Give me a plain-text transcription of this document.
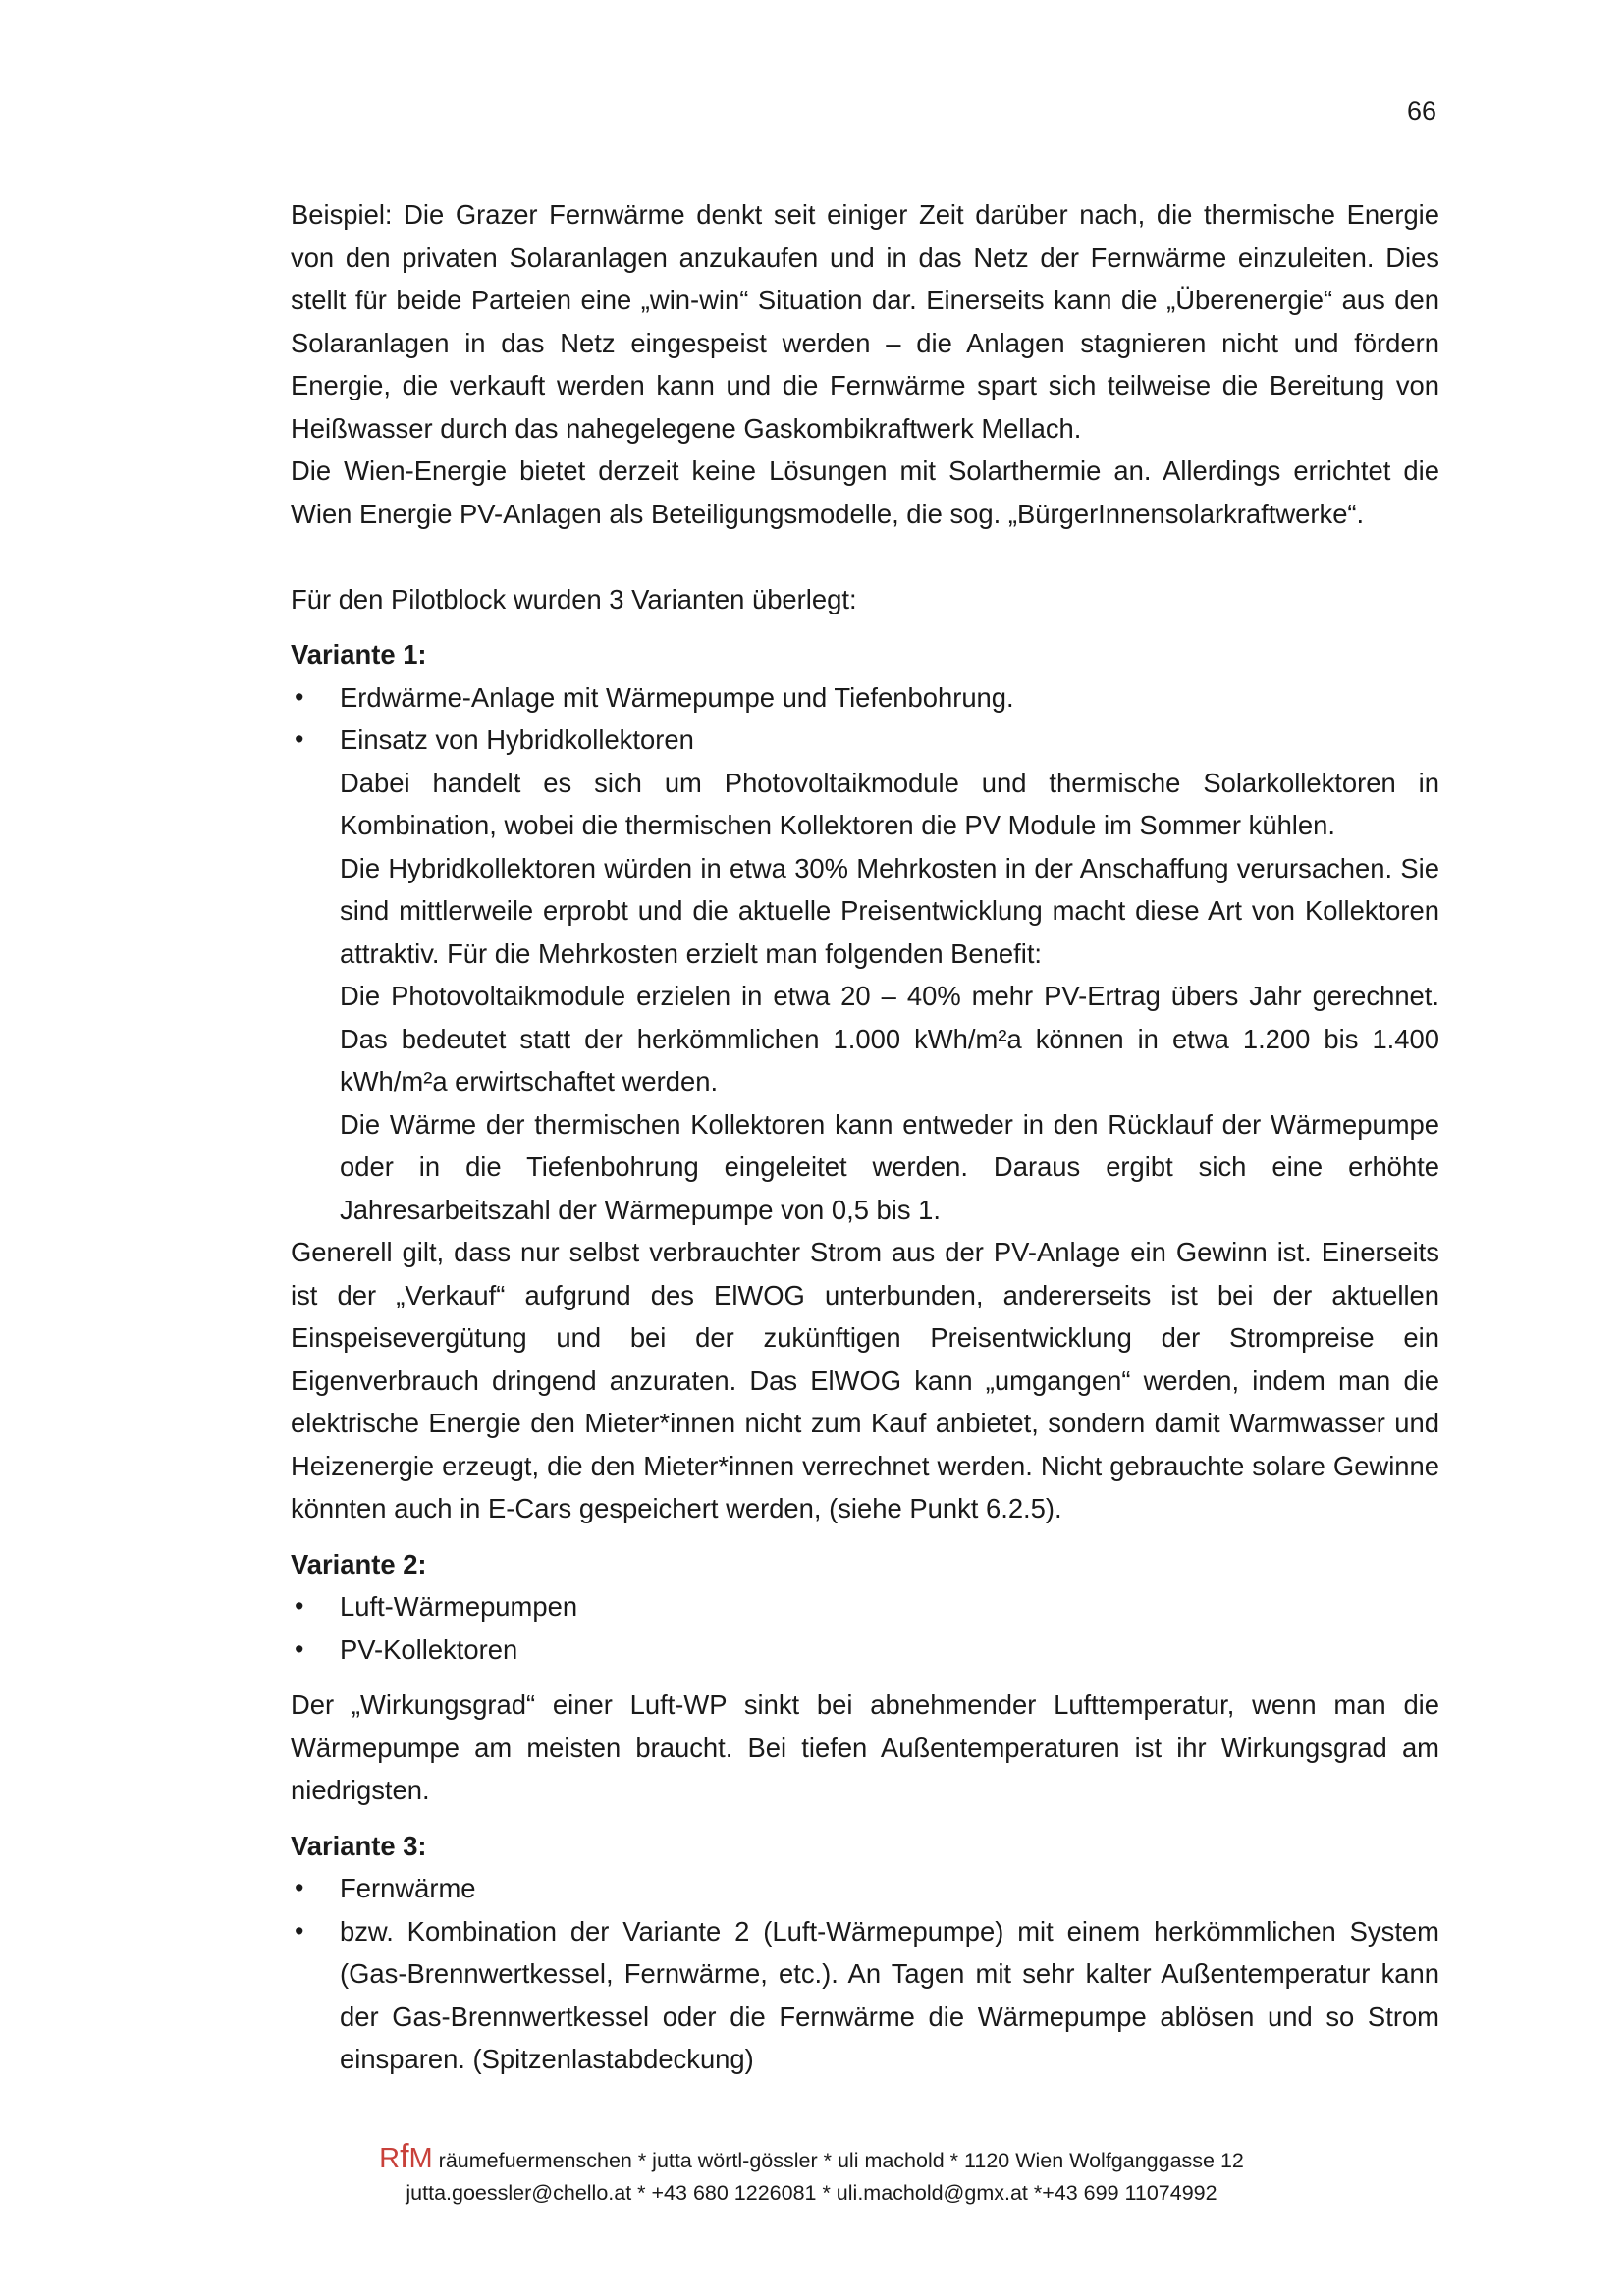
66

Beispiel: Die Grazer Fernwärme denkt seit einiger Zeit darüber nach, die thermische Energie von den privaten Solaranlagen anzukaufen und in das Netz der Fernwärme einzuleiten. Dies stellt für beide Parteien eine „win-win“ Situation dar. Einerseits kann die „Überenergie“ aus den Solaranlagen in das Netz eingespeist werden – die Anlagen stagnieren nicht und fördern Energie, die verkauft werden kann und die Fernwärme spart sich teilweise die Bereitung von Heißwasser durch das nahegelegene Gaskombikraftwerk Mellach.

Die Wien-Energie bietet derzeit keine Lösungen mit Solarthermie an. Allerdings errichtet die Wien Energie PV-Anlagen als Beteiligungsmodelle, die sog. „BürgerInnensolarkraftwerke“.

Für den Pilotblock wurden 3 Varianten überlegt:

Variante 1:

• Erdwärme-Anlage mit Wärmepumpe und Tiefenbohrung.
• Einsatz von Hybridkollektoren

Dabei handelt es sich um Photovoltaikmodule und thermische Solarkollektoren in Kombination, wobei die thermischen Kollektoren die PV Module im Sommer kühlen.

Die Hybridkollektoren würden in etwa 30% Mehrkosten in der Anschaffung verursachen. Sie sind mittlerweile erprobt und die aktuelle Preisentwicklung macht diese Art von Kollektoren attraktiv. Für die Mehrkosten erzielt man folgenden Benefit:

Die Photovoltaikmodule erzielen in etwa 20 – 40% mehr PV-Ertrag übers Jahr gerechnet. Das bedeutet statt der herkömmlichen 1.000 kWh/m²a können in etwa 1.200 bis 1.400 kWh/m²a erwirtschaftet werden.

Die Wärme der thermischen Kollektoren kann entweder in den Rücklauf der Wärmepumpe oder in die Tiefenbohrung eingeleitet werden. Daraus ergibt sich eine erhöhte Jahresarbeitszahl der Wärmepumpe von 0,5 bis 1.

Generell gilt, dass nur selbst verbrauchter Strom aus der PV-Anlage ein Gewinn ist. Einerseits ist der „Verkauf“ aufgrund des ElWOG unterbunden, andererseits ist bei der aktuellen Einspeisevergütung und bei der zukünftigen Preisentwicklung der Strompreise ein Eigenverbrauch dringend anzuraten. Das ElWOG kann „umgangen“ werden, indem man die elektrische Energie den Mieter*innen nicht zum Kauf anbietet, sondern damit Warmwasser und Heizenergie erzeugt, die den Mieter*innen verrechnet werden. Nicht gebrauchte solare Gewinne könnten auch in E-Cars gespeichert werden, (siehe Punkt 6.2.5).

Variante 2:

• Luft-Wärmepumpen
• PV-Kollektoren

Der „Wirkungsgrad“ einer Luft-WP sinkt bei abnehmender Lufttemperatur, wenn man die Wärmepumpe am meisten braucht. Bei tiefen Außentemperaturen ist ihr Wirkungsgrad am niedrigsten.

Variante 3:

• Fernwärme
• bzw. Kombination der Variante 2 (Luft-Wärmepumpe) mit einem herkömmlichen System (Gas-Brennwertkessel, Fernwärme, etc.). An Tagen mit sehr kalter Außentemperatur kann der Gas-Brennwertkessel oder die Fernwärme die Wärmepumpe ablösen und so Strom einsparen. (Spitzenlastabdeckung)
RfM räumefuermenschen * jutta wörtl-gössler * uli machold * 1120 Wien Wolfganggasse 12
jutta.goessler@chello.at * +43 680 1226081 * uli.machold@gmx.at *+43 699 11074992
